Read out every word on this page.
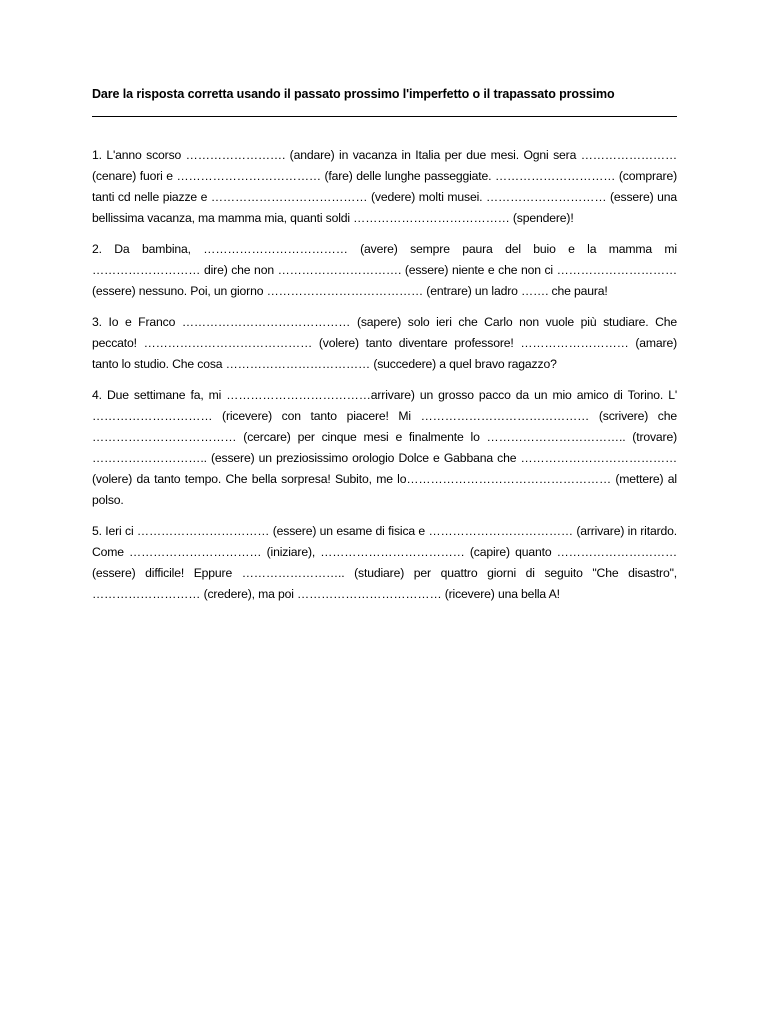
Dare la risposta corretta usando il passato prossimo l'imperfetto o il trapassato prossimo

1. L'anno scorso ……………………. (andare) in vacanza in Italia per due mesi. Ogni sera …………………… (cenare) fuori e ……………………………… (fare) delle lunghe passeggiate. ………………………… (comprare) tanti cd nelle piazze e ………………………………… (vedere) molti musei. ………………………… (essere) una bellissima vacanza, ma mamma mia, quanti soldi ………………………………… (spendere)!

2. Da bambina, ……………………………… (avere) sempre paura del buio e la mamma mi ……………………… dire) che non …………………………. (essere) niente e che non ci ………………………… (essere) nessuno. Poi, un giorno ………………………………… (entrare) un ladro ……. che paura!

3. Io e Franco …………………………………… (sapere) solo ieri che Carlo non vuole più studiare. Che peccato! …………………………………… (volere) tanto diventare professore! ……………………… (amare) tanto lo studio. Che cosa ……………………………… (succedere) a quel bravo ragazzo?

4. Due settimane fa, mi ………………………………arrivare) un grosso pacco da un mio amico di Torino. L' ………………………… (ricevere) con tanto piacere! Mi …………………………………… (scrivere) che ……………………………… (cercare) per cinque mesi e finalmente lo …………………………….. (trovare) ……………………….. (essere) un preziosissimo orologio Dolce e Gabbana che ………………………………… (volere) da tanto tempo. Che bella sorpresa! Subito, me lo…………………………………………… (mettere) al polso.

5. Ieri ci …………………………… (essere) un esame di fisica e ……………………………… (arrivare) in ritardo. Come …………………………… (iniziare), ……………………………… (capire) quanto …………………………(essere) difficile! Eppure …………………….. (studiare) per quattro giorni di seguito "Che disastro", ……………………… (credere), ma poi ……………………………… (ricevere) una bella A!
